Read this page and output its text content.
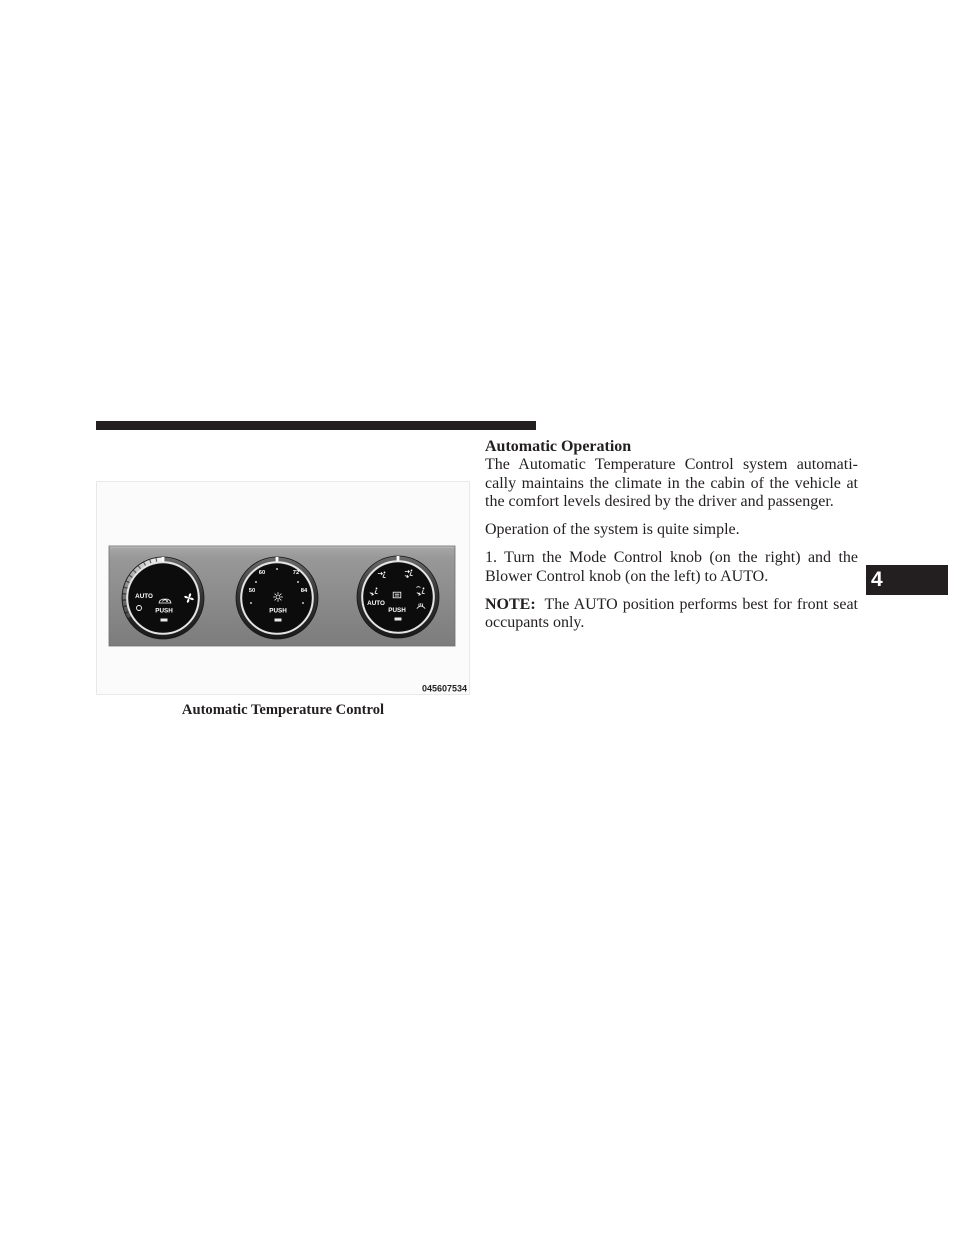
AUTO
PUSH
50
60	72
84
PUSH
AUTO
PUSH
045607534
Automatic Temperature Control
Automatic Operation
The Automatic Temperature Control system automati-
cally maintains the climate in the cabin of the vehicle at
the comfort levels desired by the driver and passenger.
Operation of the system is quite simple.
1. Turn the Mode Control knob (on the right) and the
Blower Control knob (on the left) to AUTO.
NOTE: The AUTO position performs best for front seat
occupants only.
4
